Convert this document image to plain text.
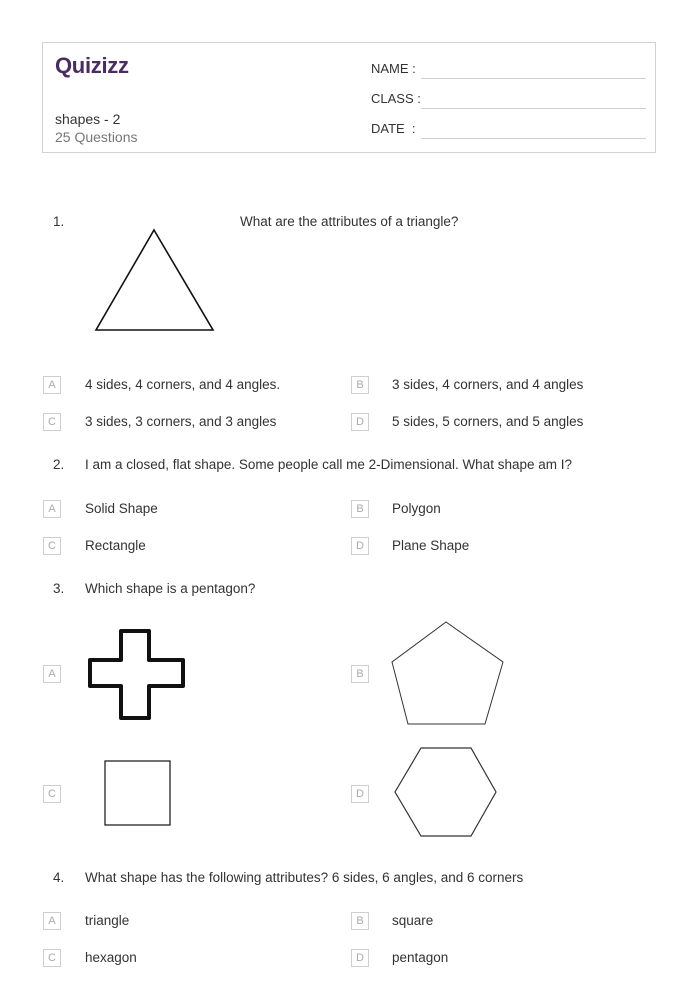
Quizizz
shapes - 2
25 Questions
NAME :
CLASS :
DATE  :
1.	What are the attributes of a triangle?
A	4 sides, 4 corners, and 4 angles.	B	3 sides, 4 corners, and 4 angles
C	3 sides, 3 corners, and 3 angles	D	5 sides, 5 corners, and 5 angles
2. I am a closed, flat shape. Some people call me 2-Dimensional. What shape am I?
A	Solid Shape	B	Polygon
C	Rectangle	D	Plane Shape
3. Which shape is a pentagon?
A	B
C	D
4. What shape has the following attributes? 6 sides, 6 angles, and 6 corners
A	triangle	B	square
C	hexagon	D	pentagon
